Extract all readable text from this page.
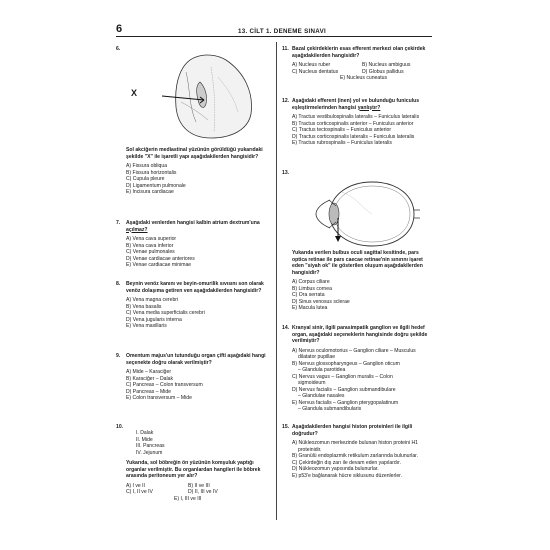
6	13. CİLT 1. DENEME SINAVI
6.
X
Sol akciğerin mediastinal yüzünün görüldüğü yukarıdaki şekilde "X" ile işaretli yapı aşağıdakilerden hangisidir?
A) Fissura obliqua
B) Fissura horizontalis
C) Cupula pleure
D) Ligamentum pulmonale
E) Incisura cardiacae
7. Aşağıdaki venlerden hangisi kalbin atrium dextrum'una açılmaz?
A) Vena cava superior
B) Vena cava inferior
C) Venae pulmonales
D) Venae cardiacae anteriores
E) Venae cardiacae minimae
8. Beynin venöz kanını ve beyin-omurilik sıvısını son olarak venöz dolaşıma getiren ven aşağıdakilerden hangisidir?
A) Vena magna cerebri
B) Vena basalis
C) Vena media superficialis cerebri
D) Vena jugularis interna
E) Vena maxillaris
9. Omentum majus'un tutunduğu organ çifti aşağıdaki hangi seçenekte doğru olarak verilmiştir?
A) Mide – Karaciğer
B) Karaciğer – Dalak
C) Pancreas – Colon transversum
D) Pancreas – Mide
E) Colon transversum – Mide
10.
I. Dalak
II. Mide
III. Pancreas
IV. Jejunum
Yukarıda, sol böbreğin ön yüzünün komşuluk yaptığı organlar verilmiştir. Bu organlardan hangileri ile böbrek arasında peritoneum yer alır?
A) I ve II	B) II ve III
C) I, II ve IV	D) II, III ve IV
E) I, III ve III
11. Bazal çekirdeklerin esas efferent merkezi olan çekirdek aşağıdakilerden hangisidir?
A) Nucleus ruber	B) Nucleus ambiguus
C) Nucleus dentatus	D) Globus pallidus
E) Nucleus cuneatus
12. Aşağıdaki efferent (inen) yol ve bulunduğu funiculus eşleştirmelerinden hangisi yanlıştır?
A) Tractus vestibulospinalis lateralis – Funiculus lateralis
B) Tractus corticospinalis anterior – Funiculus anterior
C) Tractus tectospinalis – Funiculus anterior
D) Tractus corticospinalis lateralis – Funiculus lateralis
E) Tractus rubrospinalis – Funiculus lateralis
13.
Yukarıda verilen bulbus oculi sagittal kesitinde, pars optica retinae ile pars caecae retinae'nin sınırını işaret eden "siyah ok" ile gösterilen oluşum aşağıdakilerden hangisidir?
A) Corpus ciliare
B) Limbus cornea
C) Ora serrata
D) Sinus venosus sclerae
E) Macula lutea
14. Kranyal sinir, ilgili parasimpatik ganglion ve ilgili hedef organ, aşağıdaki seçeneklerin hangisinde doğru şekilde verilmiştir?
A) Nervus oculomotorius – Ganglion ciliare – Musculus
dilatator pupillae
B) Nervus glossopharyngeus – Ganglion oticum
– Glandula parotidea
C) Nervus vagus – Ganglion muralis – Colon
sigmoideum
D) Nervus facialis – Ganglion submandibulare
– Glandulae nasales
E) Nervus facialis – Ganglion pterygopalatinum
– Glandula submandibularis
15. Aşağıdakilerden hangisi histon proteinleri ile ilgili doğrudur?
A) Nükleozomun merkezinde bulunan histon proteini H1
proteinidir.
B) Granülü endoplazmik retikulum zarlarında bulunurlar.
C) Çekirdeğin dış zarı ile devam eden yapılardır.
D) Nükleozomun yapısında bulunurlar.
E) p53'e bağlanarak hücre siklusunu düzenlerler.
